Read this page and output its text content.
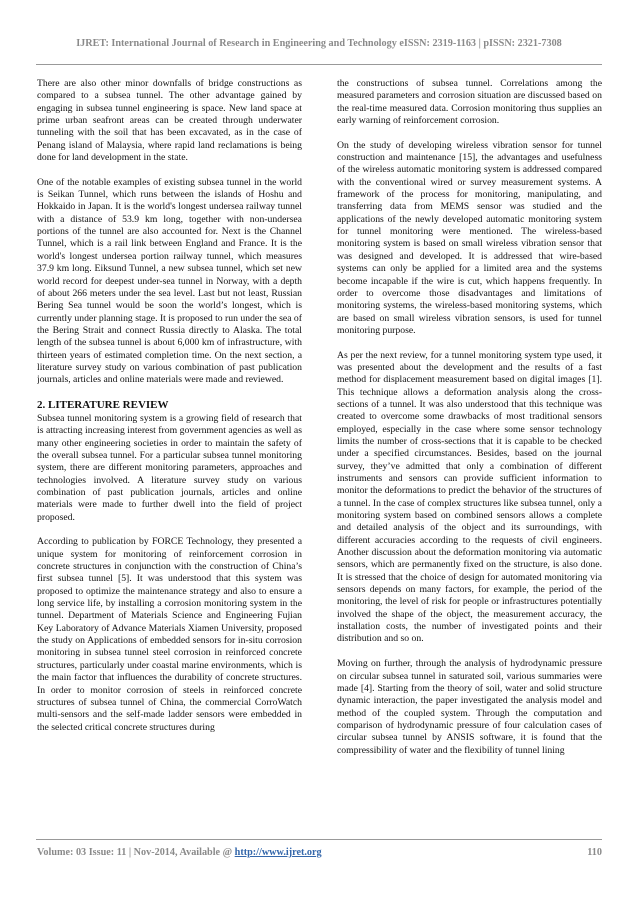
IJRET: International Journal of Research in Engineering and Technology eISSN: 2319-1163 | pISSN: 2321-7308

There are also other minor downfalls of bridge constructions as compared to a subsea tunnel. The other advantage gained by engaging in subsea tunnel engineering is space. New land space at prime urban seafront areas can be created through underwater tunneling with the soil that has been excavated, as in the case of Penang island of Malaysia, where rapid land reclamations is being done for land development in the state.

One of the notable examples of existing subsea tunnel in the world is Seikan Tunnel, which runs between the islands of Hoshu and Hokkaido in Japan. It is the world's longest undersea railway tunnel with a distance of 53.9 km long, together with non-undersea portions of the tunnel are also accounted for. Next is the Channel Tunnel, which is a rail link between England and France. It is the world's longest undersea portion railway tunnel, which measures 37.9 km long. Eiksund Tunnel, a new subsea tunnel, which set new world record for deepest under-sea tunnel in Norway, with a depth of about 266 meters under the sea level. Last but not least, Russian Bering Sea tunnel would be soon the world’s longest, which is currently under planning stage. It is proposed to run under the sea of the Bering Strait and connect Russia directly to Alaska. The total length of the subsea tunnel is about 6,000 km of infrastructure, with thirteen years of estimated completion time. On the next section, a literature survey study on various combination of past publication journals, articles and online materials were made and reviewed.

2. LITERATURE REVIEW

Subsea tunnel monitoring system is a growing field of research that is attracting increasing interest from government agencies as well as many other engineering societies in order to maintain the safety of the overall subsea tunnel. For a particular subsea tunnel monitoring system, there are different monitoring parameters, approaches and technologies involved. A literature survey study on various combination of past publication journals, articles and online materials were made to further dwell into the field of project proposed.

According to publication by FORCE Technology, they presented a unique system for monitoring of reinforcement corrosion in concrete structures in conjunction with the construction of China’s first subsea tunnel [5]. It was understood that this system was proposed to optimize the maintenance strategy and also to ensure a long service life, by installing a corrosion monitoring system in the tunnel. Department of Materials Science and Engineering Fujian Key Laboratory of Advance Materials Xiamen University, proposed the study on Applications of embedded sensors for in-situ corrosion monitoring in subsea tunnel steel corrosion in reinforced concrete structures, particularly under coastal marine environments, which is the main factor that influences the durability of concrete structures. In order to monitor corrosion of steels in reinforced concrete structures of subsea tunnel of China, the commercial CorroWatch multi-sensors and the self-made ladder sensors were embedded in the selected critical concrete structures during

the constructions of subsea tunnel. Correlations among the measured parameters and corrosion situation are discussed based on the real-time measured data. Corrosion monitoring thus supplies an early warning of reinforcement corrosion.

On the study of developing wireless vibration sensor for tunnel construction and maintenance [15], the advantages and usefulness of the wireless automatic monitoring system is addressed compared with the conventional wired or survey measurement systems. A framework of the process for monitoring, manipulating, and transferring data from MEMS sensor was studied and the applications of the newly developed automatic monitoring system for tunnel monitoring were mentioned. The wireless-based monitoring system is based on small wireless vibration sensor that was designed and developed. It is addressed that wire-based systems can only be applied for a limited area and the systems become incapable if the wire is cut, which happens frequently. In order to overcome those disadvantages and limitations of monitoring systems, the wireless-based monitoring systems, which are based on small wireless vibration sensors, is used for tunnel monitoring purpose.

As per the next review, for a tunnel monitoring system type used, it was presented about the development and the results of a fast method for displacement measurement based on digital images [1]. This technique allows a deformation analysis along the cross-sections of a tunnel. It was also understood that this technique was created to overcome some drawbacks of most traditional sensors employed, especially in the case where some sensor technology limits the number of cross-sections that it is capable to be checked under a specified circumstances. Besides, based on the journal survey, they’ve admitted that only a combination of different instruments and sensors can provide sufficient information to monitor the deformations to predict the behavior of the structures of a tunnel. In the case of complex structures like subsea tunnel, only a monitoring system based on combined sensors allows a complete and detailed analysis of the object and its surroundings, with different accuracies according to the requests of civil engineers. Another discussion about the deformation monitoring via automatic sensors, which are permanently fixed on the structure, is also done. It is stressed that the choice of design for automated monitoring via sensors depends on many factors, for example, the period of the monitoring, the level of risk for people or infrastructures potentially involved the shape of the object, the measurement accuracy, the installation costs, the number of investigated points and their distribution and so on.

Moving on further, through the analysis of hydrodynamic pressure on circular subsea tunnel in saturated soil, various summaries were made [4]. Starting from the theory of soil, water and solid structure dynamic interaction, the paper investigated the analysis model and method of the coupled system. Through the computation and comparison of hydrodynamic pressure of four calculation cases of circular subsea tunnel by ANSIS software, it is found that the compressibility of water and the flexibility of tunnel lining

Volume: 03 Issue: 11 | Nov-2014, Available @ http://www.ijret.org	110
